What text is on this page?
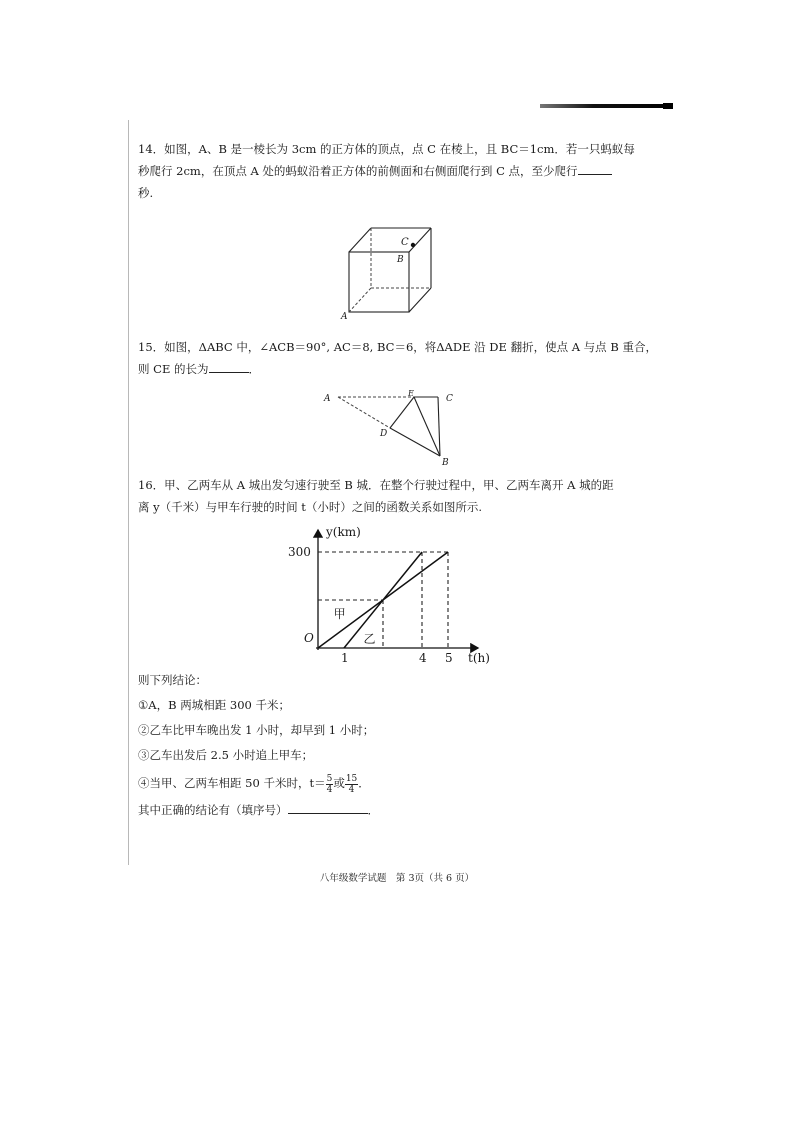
14．如图，A、B 是一棱长为 3cm 的正方体的顶点，点 C 在棱上，且 BC＝1cm．若一只蚂蚁每

秒爬行 2cm，在顶点 A 处的蚂蚁沿着正方体的前侧面和右侧面爬行到 C 点，至少爬行

秒.

C
B
A

15．如图，ΔABC 中，∠ACB＝90°, AC＝8, BC＝6，将ΔADE 沿 DE 翻折，使点 A 与点 B 重合，

则 CE 的长为	．

A
E
C
D
B

16．甲、乙两车从 A 城出发匀速行驶至 B 城．在整个行驶过程中，甲、乙两车离开 A 城的距

离 y（千米）与甲车行驶的时间 t（小时）之间的函数关系如图所示.

甲
乙
1	4 5
300
y(km)
t(h)
O

则下列结论：

①A，B 两城相距 300 千米；

②乙车比甲车晚出发 1 小时，却早到 1 小时；

③乙车出发后 2.5 小时追上甲车；

④当甲、乙两车相距 50 千米时，$t= \frac{5}{4}$ 或 $\frac{15}{4}$ ．

其中正确的结论有（填序号）	．

八年级数学试题　第 3页（共 6 页）
